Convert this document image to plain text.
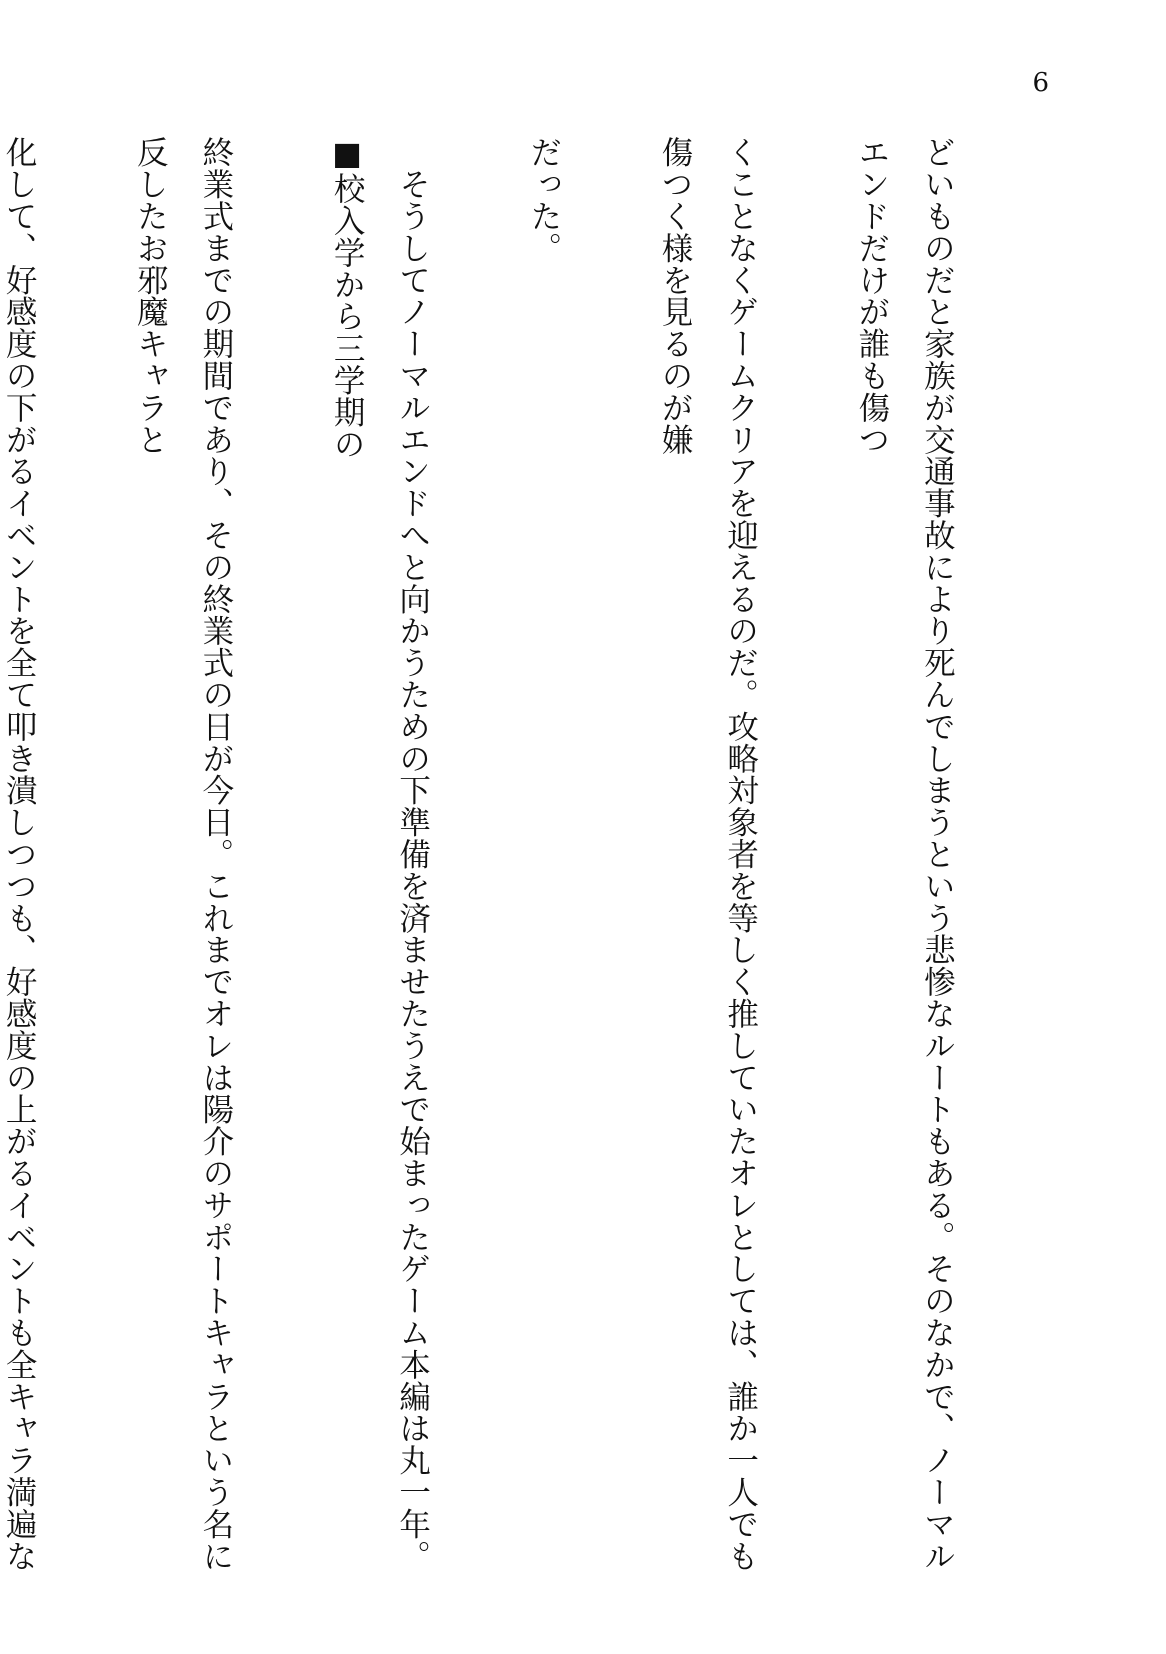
6

どいものだと家族が交通事故により死んでしまうという悲惨なルートもある。そのなかで、ノーマルエンドだけが誰も傷つ

くことなくゲームクリアを迎えるのだ。攻略対象者を等しく推していたオレとしては、誰か一人でも傷つく様を見るのが嫌

だった。

　そうしてノーマルエンドへと向かうための下準備を済ませたうえで始まったゲーム本編は丸一年。■校入学から三学期の

終業式までの期間であり、その終業式の日が今日。これまでオレは陽介のサポートキャラという名に反したお邪魔キャラと

化して、好感度の下がるイベントを全て叩き潰しつつも、好感度の上がるイベントも全キャラ満遍な
